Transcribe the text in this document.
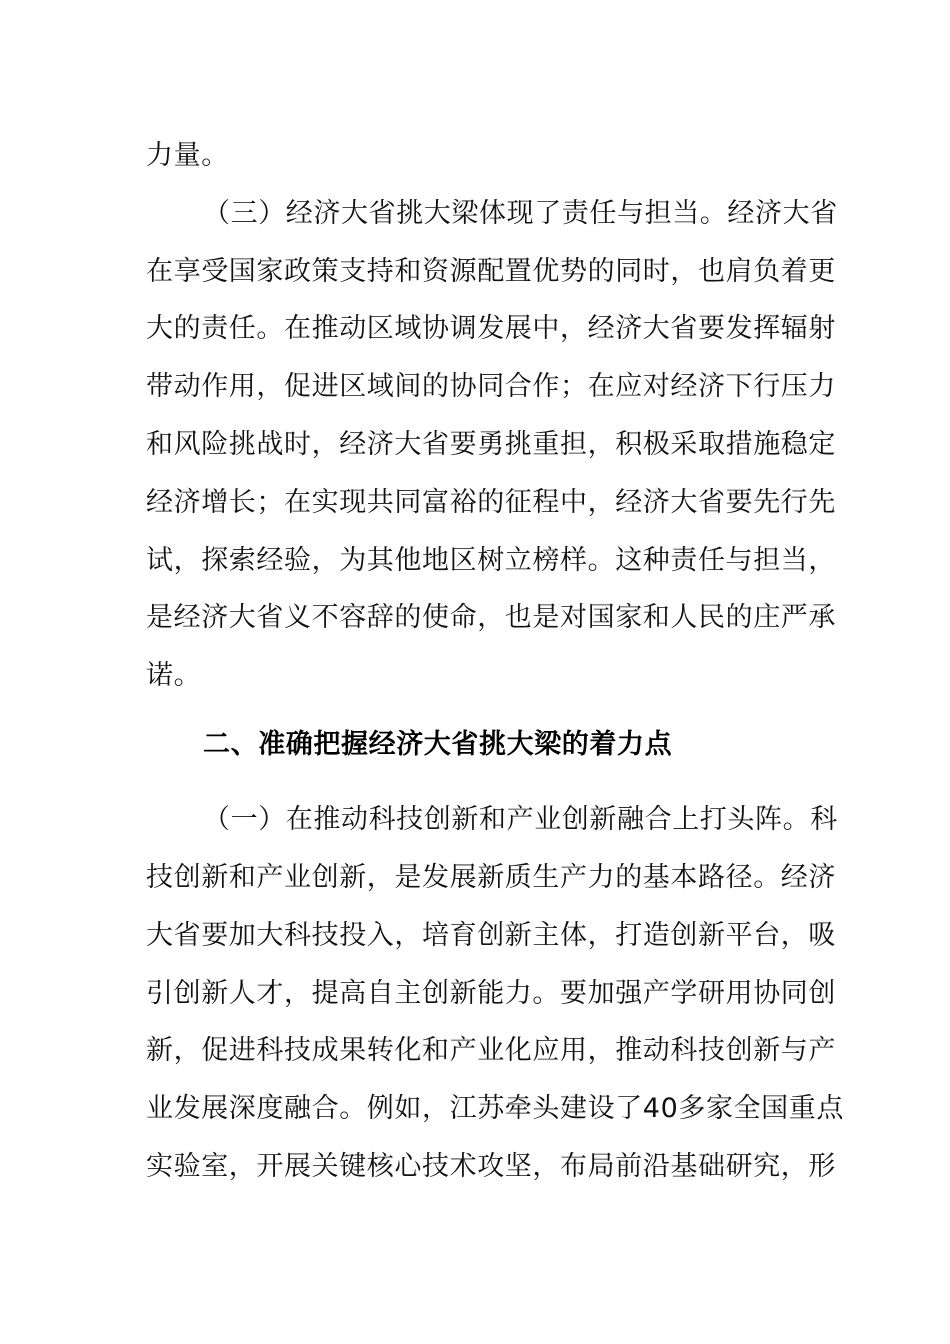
力量。
（三）经济大省挑大梁体现了责任与担当。经济大省
在享受国家政策支持和资源配置优势的同时，也肩负着更
大的责任。在推动区域协调发展中，经济大省要发挥辐射
带动作用，促进区域间的协同合作；在应对经济下行压力
和风险挑战时，经济大省要勇挑重担，积极采取措施稳定
经济增长；在实现共同富裕的征程中，经济大省要先行先
试，探索经验，为其他地区树立榜样。这种责任与担当，
是经济大省义不容辞的使命，也是对国家和人民的庄严承
诺。
二、准确把握经济大省挑大梁的着力点
（一）在推动科技创新和产业创新融合上打头阵。科
技创新和产业创新，是发展新质生产力的基本路径。经济
大省要加大科技投入，培育创新主体，打造创新平台，吸
引创新人才，提高自主创新能力。要加强产学研用协同创
新，促进科技成果转化和产业化应用，推动科技创新与产
业发展深度融合。例如，江苏牵头建设了40多家全国重点
实验室，开展关键核心技术攻坚，布局前沿基础研究，形
